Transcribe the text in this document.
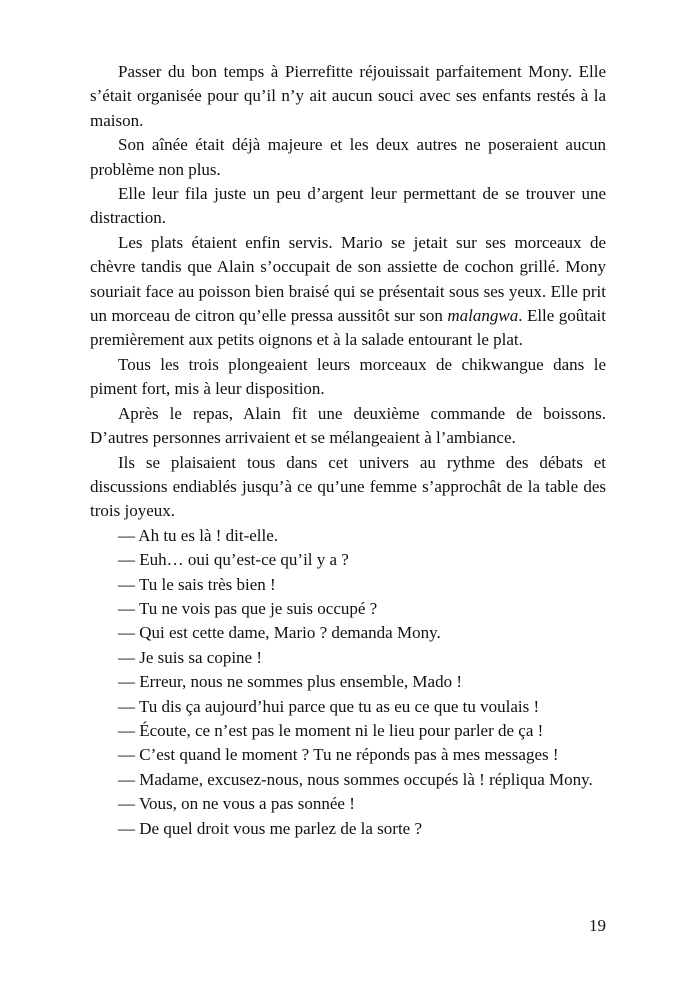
Passer du bon temps à Pierrefitte réjouissait parfaitement Mony. Elle s’était organisée pour qu’il n’y ait aucun souci avec ses enfants restés à la maison.

Son aînée était déjà majeure et les deux autres ne poseraient aucun problème non plus.

Elle leur fila juste un peu d’argent leur permettant de se trouver une distraction.

Les plats étaient enfin servis. Mario se jetait sur ses morceaux de chèvre tandis que Alain s’occupait de son assiette de cochon grillé. Mony souriait face au poisson bien braisé qui se présentait sous ses yeux. Elle prit un morceau de citron qu’elle pressa aussitôt sur son malangwa. Elle goûtait premièrement aux petits oignons et à la salade entourant le plat.

Tous les trois plongeaient leurs morceaux de chikwangue dans le piment fort, mis à leur disposition.

Après le repas, Alain fit une deuxième commande de boissons. D’autres personnes arrivaient et se mélangeaient à l’ambiance.

Ils se plaisaient tous dans cet univers au rythme des débats et discussions endiablés jusqu’à ce qu’une femme s’approchât de la table des trois joyeux.

— Ah tu es là ! dit-elle.

— Euh… oui qu’est-ce qu’il y a ?

— Tu le sais très bien !

— Tu ne vois pas que je suis occupé ?

— Qui est cette dame, Mario ? demanda Mony.

— Je suis sa copine !

— Erreur, nous ne sommes plus ensemble, Mado !

— Tu dis ça aujourd’hui parce que tu as eu ce que tu voulais !

— Écoute, ce n’est pas le moment ni le lieu pour parler de ça !

— C’est quand le moment ? Tu ne réponds pas à mes messages !

— Madame, excusez-nous, nous sommes occupés là ! répliqua Mony.

— Vous, on ne vous a pas sonnée !

— De quel droit vous me parlez de la sorte ?

19
